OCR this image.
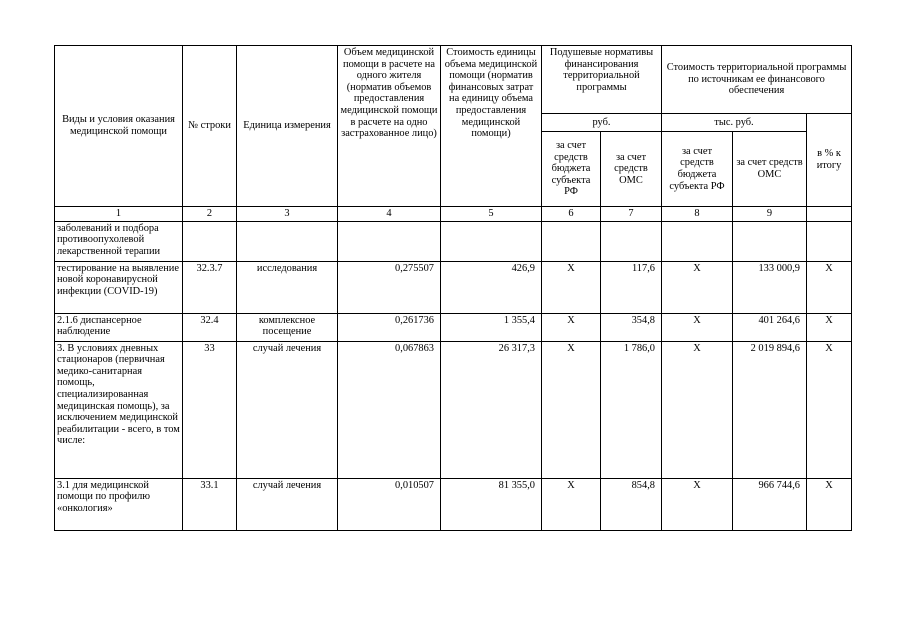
Виды и условия оказания медицинской помощи	№ строки	Единица измерения	Объем медицинской помощи в расчете на одного жителя (норматив объемов предоставления медицинской помощи в расчете на одно застрахованное лицо)	Стоимость единицы объема медицинской помощи (норматив финансовых затрат на единицу объема предоставления медицинской помощи)	Подушевые нормативы финансирования территориальной программы		Стоимость территориальной программы по источникам ее финансового обеспечения		
					руб.		тыс. руб.		в % к итогу
					за счет средств бюджета субъекта РФ	за счет средств ОМС	за счет средств бюджета субъекта РФ	за счет средств ОМС	
1	2	3	4	5	6	7	8	9	
заболеваний и подбора противоопухолевой лекарственной терапии									
тестирование на выявление новой коронавирусной инфекции (COVID-19)	32.3.7	исследования	0,275507	426,9	X	117,6	X	133 000,9	X
2.1.6 диспансерное наблюдение	32.4	комплексное посещение	0,261736	1 355,4	X	354,8	X	401 264,6	X
3. В условиях дневных стационаров (первичная медико-санитарная помощь, специализированная медицинская помощь), за исключением медицинской реабилитации - всего, в том числе:	33	случай лечения	0,067863	26 317,3	X	1 786,0	X	2 019 894,6	X
3.1 для медицинской помощи по профилю «онкология»	33.1	случай лечения	0,010507	81 355,0	X	854,8	X	966 744,6	X
